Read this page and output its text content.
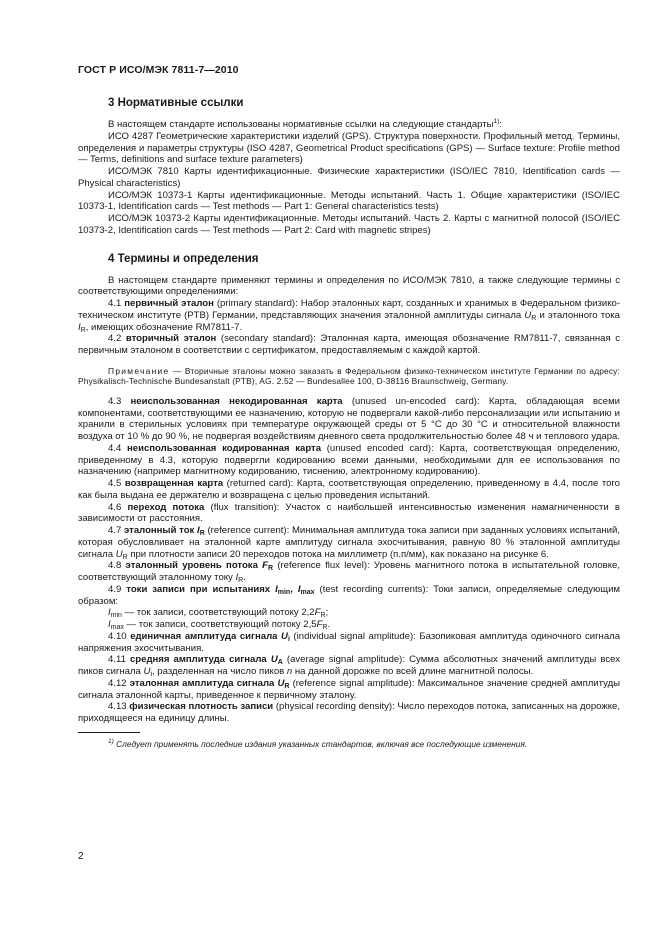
ГОСТ Р ИСО/МЭК 7811-7—2010
3 Нормативные ссылки

В настоящем стандарте использованы нормативные ссылки на следующие стандарты$^{1)}$:

ИСО 4287 Геометрические характеристики изделий (GPS). Структура поверхности. Профильный метод. Термины, определения и параметры структуры (ISO 4287, Geometrical Product specifications (GPS) — Surface texture: Profile method — Terms, definitions and surface texture parameters)

ИСО/МЭК 7810 Карты идентификационные. Физические характеристики (ISO/IEC 7810, Identification cards — Physical characteristics)

ИСО/МЭК 10373-1 Карты идентификационные. Методы испытаний. Часть 1. Общие характеристики (ISO/IEC 10373-1, Identification cards — Test methods — Part 1: General characteristics tests)

ИСО/МЭК 10373-2 Карты идентификационные. Методы испытаний. Часть 2. Карты с магнитной полосой (ISO/IEC 10373-2, Identification cards — Test methods — Part 2: Card with magnetic stripes)

4 Термины и определения

В настоящем стандарте применяют термины и определения по ИСО/МЭК 7810, а также следующие термины с соответствующими определениями:

4.1 первичный эталон (primary standard): Набор эталонных карт, созданных и хранимых в Федеральном физико-техническом институте (PTB) Германии, представляющих значения эталонной амплитуды сигнала $U_R$ и эталонного тока $I_R$, имеющих обозначение RM7811-7.

4.2 вторичный эталон (secondary standard): Эталонная карта, имеющая обозначение RM7811-7, связанная с первичным эталоном в соответствии с сертификатом, предоставляемым с каждой картой.

Примечание — Вторичные эталоны можно заказать в Федеральном физико-техническом институте Германии по адресу: Physikalisch-Technische Bundesanstalt (PTB), AG. 2.52 — Bundesallee 100, D-38116 Braunschweig, Germany.

4.3 неиспользованная некодированная карта (unused un-encoded card): Карта, обладающая всеми компонентами, соответствующими ее назначению, которую не подвергали какой-либо персонализации или испытанию и хранили в стерильных условиях при температуре окружающей среды от 5 °C до 30 °C и относительной влажности воздуха от 10 % до 90 %, не подвергая воздействиям дневного света продолжительностью более 48 ч и теплового удара.

4.4 неиспользованная кодированная карта (unused encoded card): Карта, соответствующая определению, приведенному в 4.3, которую подвергли кодированию всеми данными, необходимыми для ее использования по назначению (например магнитному кодированию, тиснению, электронному кодированию).

4.5 возвращенная карта (returned card): Карта, соответствующая определению, приведенному в 4.4, после того как была выдана ее держателю и возвращена с целью проведения испытаний.

4.6 переход потока (flux transition): Участок с наибольшей интенсивностью изменения намагниченности в зависимости от расстояния.

4.7 эталонный ток $I_R$ (reference current): Минимальная амплитуда тока записи при заданных условиях испытаний, которая обусловливает на эталонной карте амплитуду сигнала эхосчитывания, равную 80 % эталонной амплитуды сигнала $U_R$ при плотности записи 20 переходов потока на миллиметр (п.п/мм), как показано на рисунке 6.

4.8 эталонный уровень потока $F_R$ (reference flux level): Уровень магнитного потока в испытательной головке, соответствующий эталонному току $I_R$.

4.9 токи записи при испытаниях $I_{min}$, $I_{max}$ (test recording currents): Токи записи, определяемые следующим образом:

$I_{min}$ — ток записи, соответствующий потоку $2,2F_R$;

$I_{max}$ — ток записи, соответствующий потоку $2,5F_R$.

4.10 единичная амплитуда сигнала $U_i$ (individual signal amplitude): Базопиковая амплитуда одиночного сигнала напряжения эхосчитывания.

4.11 средняя амплитуда сигнала $U_A$ (average signal amplitude): Сумма абсолютных значений амплитуды всех пиков сигнала $U_i$, разделенная на число пиков n на данной дорожке по всей длине магнитной полосы.

4.12 эталонная амплитуда сигнала $U_R$ (reference signal amplitude): Максимальное значение средней амплитуды сигнала эталонной карты, приведенное к первичному эталону.

4.13 физическая плотность записи (physical recording density): Число переходов потока, записанных на дорожке, приходящееся на единицу длины.

$^{1)}$ Следует применять последние издания указанных стандартов, включая все последующие изменения.
2
